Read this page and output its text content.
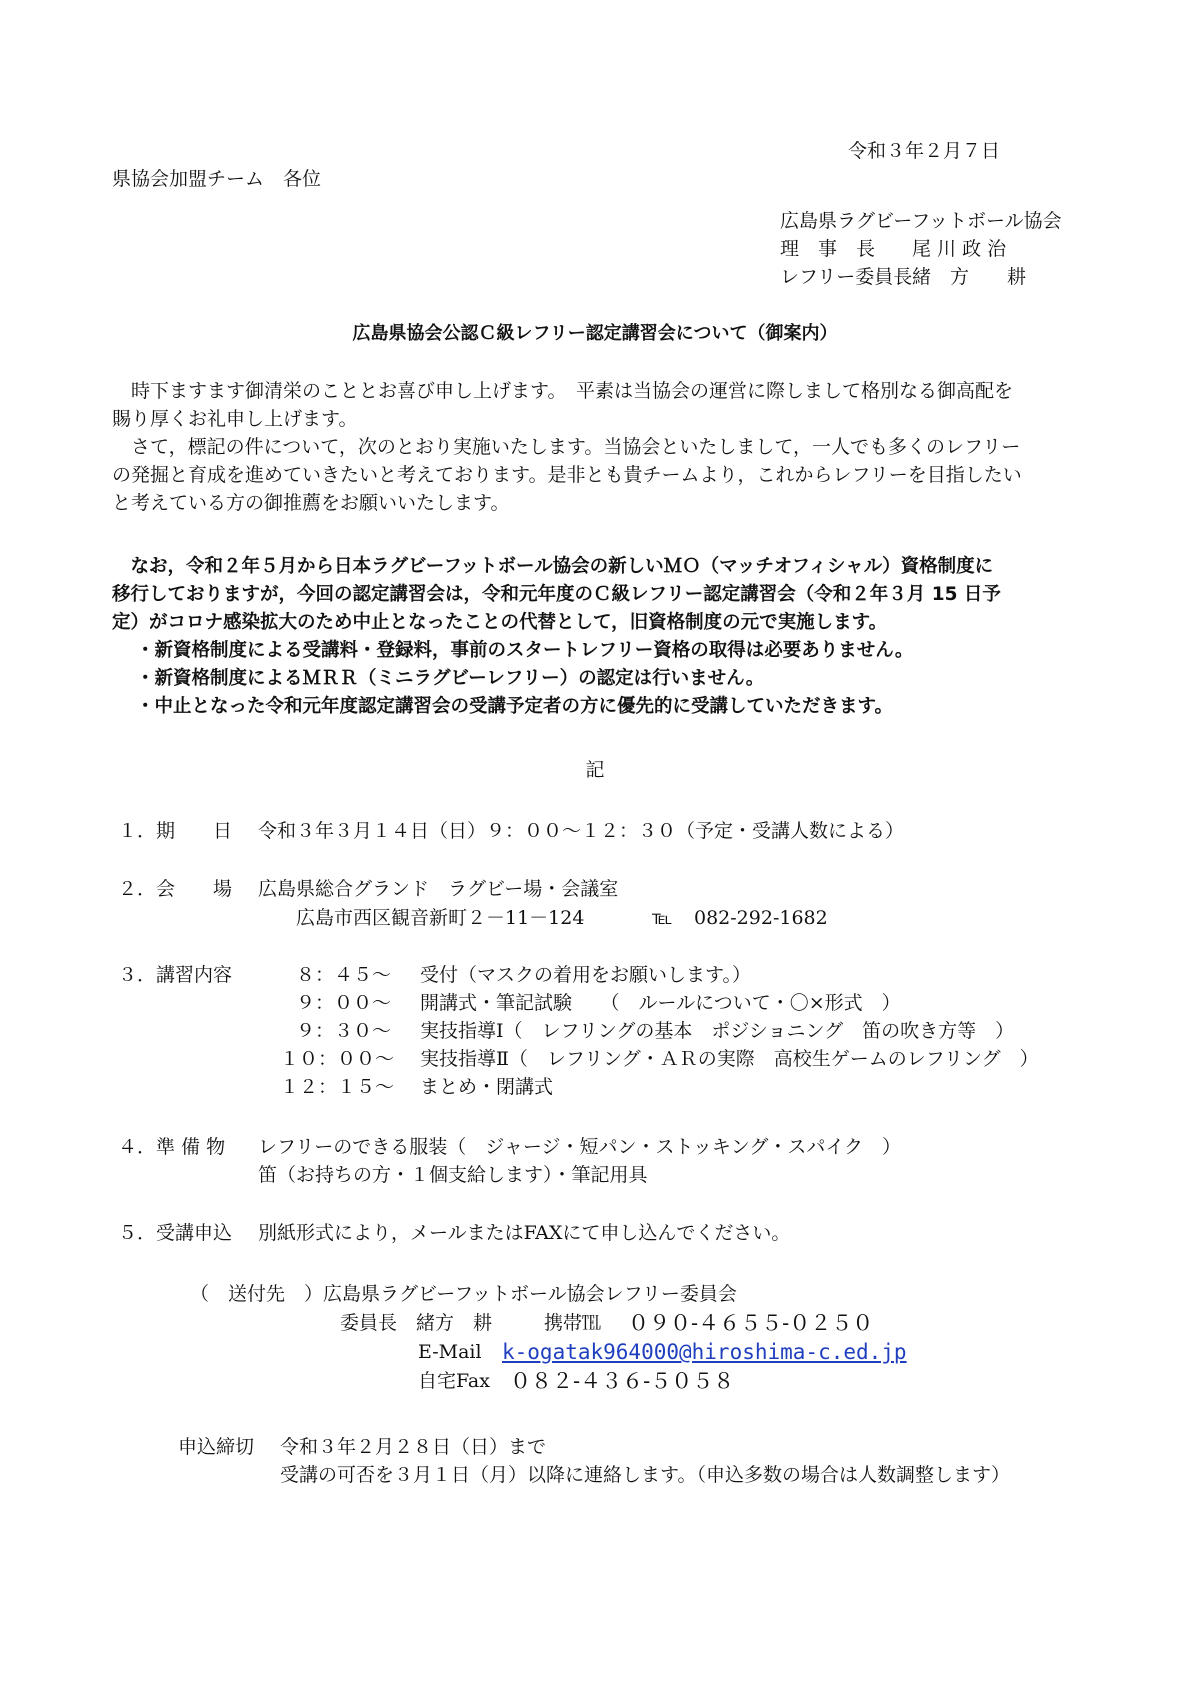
令和３年２月７日
県協会加盟チーム　各位
広島県ラグビーフットボール協会
理　事　長 尾 川 政 治
レフリー委員長 緒　方　　耕
広島県協会公認Ｃ級レフリー認定講習会について（御案内）
　時下ますます御清栄のこととお喜び申し上げます。　平素は当協会の運営に際しまして格別なる御高配を
賜り厚くお礼申し上げます。
　さて，標記の件について，次のとおり実施いたします。当協会といたしまして，一人でも多くのレフリー
の発掘と育成を進めていきたいと考えております。是非とも貴チームより，これからレフリーを目指したい
と考えている方の御推薦をお願いいたします。
　なお，令和２年５月から日本ラグビーフットボール協会の新しいＭＯ（マッチオフィシャル）資格制度に
移行しておりますが，今回の認定講習会は，令和元年度のＣ級レフリー認定講習会（令和２年３月 15 日予
定）がコロナ感染拡大のため中止となったことの代替として，旧資格制度の元で実施します。
・新資格制度による受講料・登録料，事前のスタートレフリー資格の取得は必要ありません。
・新資格制度によるＭＲＲ（ミニラグビーレフリー）の認定は行いません。
・中止となった令和元年度認定講習会の受講予定者の方に優先的に受講していただきます。
記
１．期　　日 令和３年３月１４日（日）９：００～１２：３０（予定・受講人数による）
２．会　　場 広島県総合グランド　ラグビー場・会議室
広島市西区観音新町２－11－124	℡ 082-292-1682
３．講習内容	８：４５～ 受付（マスクの着用をお願いします。）
９：００～ 開講式・筆記試験　　（　ルールについて・〇×形式　）
９：３０～ 実技指導Ⅰ（　レフリングの基本　ポジショニング　笛の吹き方等　）
１０：００～ 実技指導Ⅱ（　レフリング・ＡＲの実際　高校生ゲームのレフリング　）
１２：１５～ まとめ・閉講式
４．準 備 物 レフリーのできる服装（　ジャージ・短パン・ストッキング・スパイク　）
笛（お持ちの方・１個支給します）・筆記用具
５．受講申込 別紙形式により，メールまたはFAXにて申し込んでください。
（　送付先　）広島県ラグビーフットボール協会レフリー委員会
委員長　緒方　耕	携帯℡ ０９０-４６５５-０２５０
E-Mail k-ogatak964000@hiroshima-c.ed.jp
自宅Fax ０８２-４３６-５０５８
申込締切 令和３年２月２８日（日）まで
受講の可否を３月１日（月）以降に連絡します。（申込多数の場合は人数調整します）
